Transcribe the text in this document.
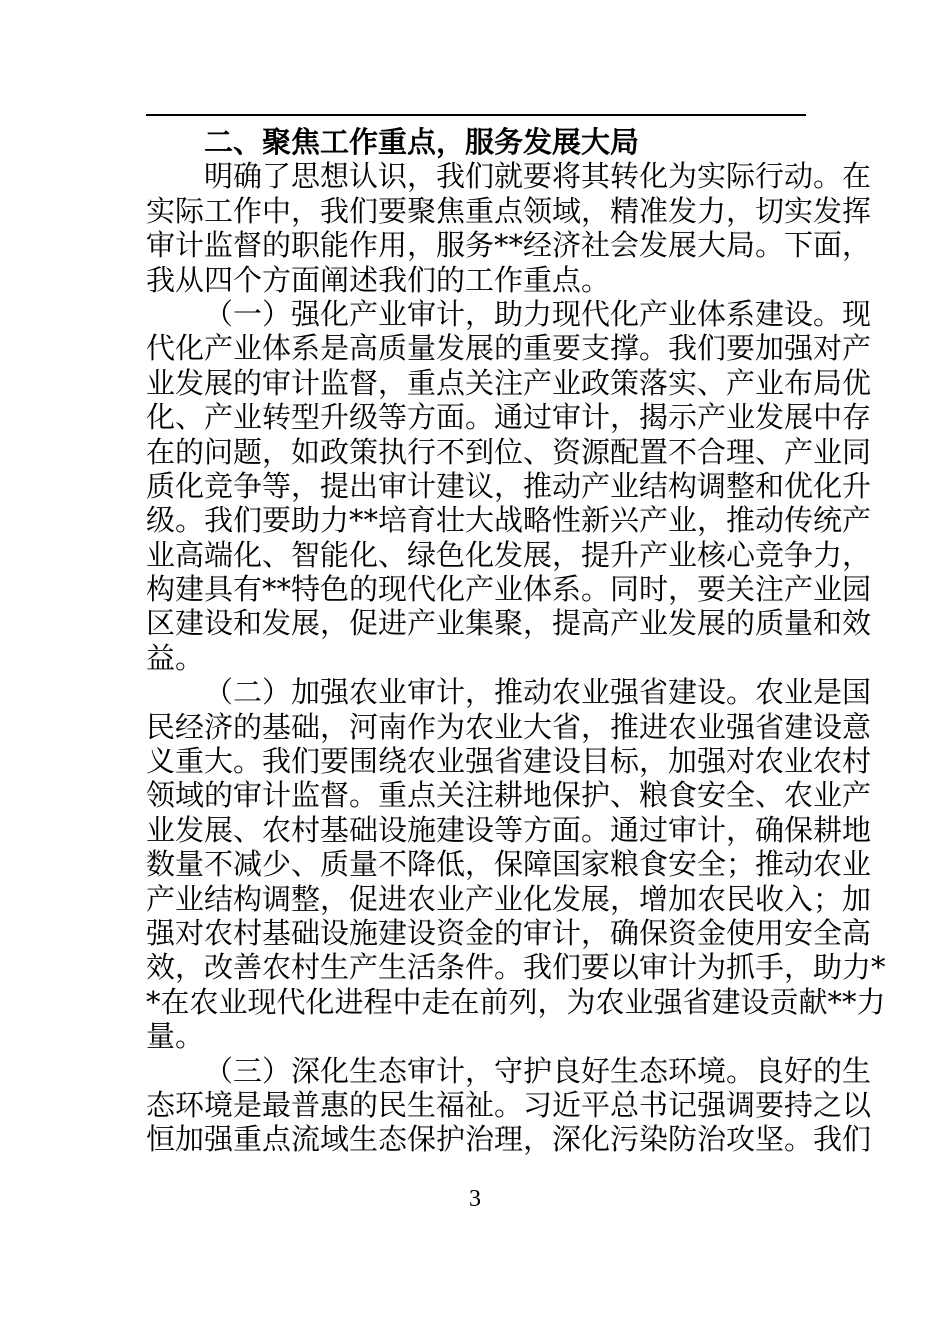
二、聚焦工作重点，服务发展大局
明确了思想认识，我们就要将其转化为实际行动。在
实际工作中，我们要聚焦重点领域，精准发力，切实发挥
审计监督的职能作用，服务**经济社会发展大局。下面，
我从四个方面阐述我们的工作重点。
（一）强化产业审计，助力现代化产业体系建设。现
代化产业体系是高质量发展的重要支撑。我们要加强对产
业发展的审计监督，重点关注产业政策落实、产业布局优
化、产业转型升级等方面。通过审计，揭示产业发展中存
在的问题，如政策执行不到位、资源配置不合理、产业同
质化竞争等，提出审计建议，推动产业结构调整和优化升
级。我们要助力**培育壮大战略性新兴产业，推动传统产
业高端化、智能化、绿色化发展，提升产业核心竞争力，
构建具有**特色的现代化产业体系。同时，要关注产业园
区建设和发展，促进产业集聚，提高产业发展的质量和效
益。
（二）加强农业审计，推动农业强省建设。农业是国
民经济的基础，河南作为农业大省，推进农业强省建设意
义重大。我们要围绕农业强省建设目标，加强对农业农村
领域的审计监督。重点关注耕地保护、粮食安全、农业产
业发展、农村基础设施建设等方面。通过审计，确保耕地
数量不减少、质量不降低，保障国家粮食安全；推动农业
产业结构调整，促进农业产业化发展，增加农民收入；加
强对农村基础设施建设资金的审计，确保资金使用安全高
效，改善农村生产生活条件。我们要以审计为抓手，助力*
*在农业现代化进程中走在前列，为农业强省建设贡献**力
量。
（三）深化生态审计，守护良好生态环境。良好的生
态环境是最普惠的民生福祉。习近平总书记强调要持之以
恒加强重点流域生态保护治理，深化污染防治攻坚。我们
3
